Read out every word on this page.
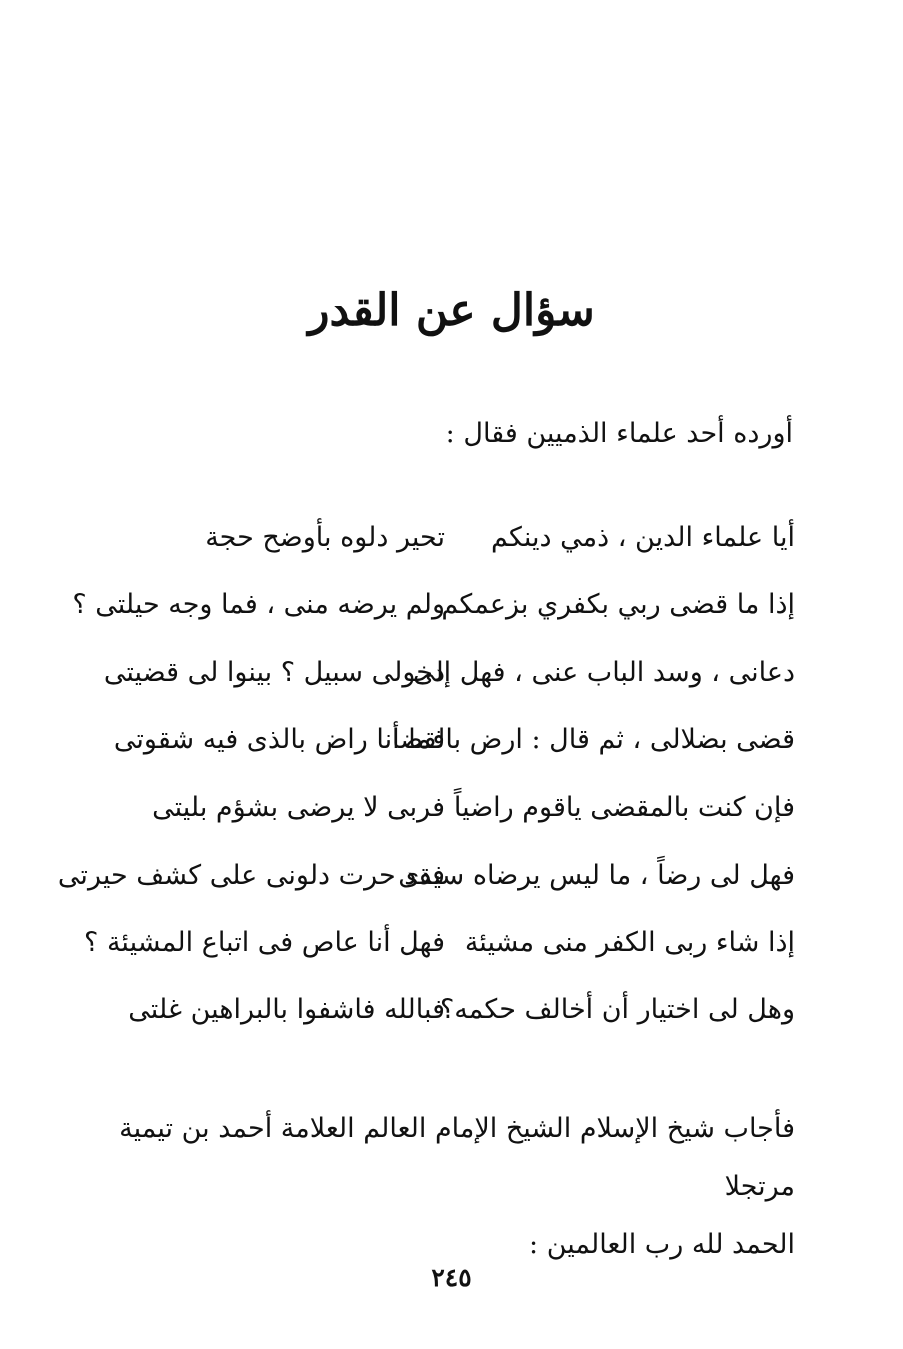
سؤال عن القدر
أورده أحد علماء الذميين فقال :
أيا علماء الدين ، ذمي دينكم
تحير دلوه بأوضح حجة
إذا ما قضى ربي بكفري بزعمكم
ولم يرضه منى ، فما وجه حيلتى ؟
دعانى ، وسد الباب عنى ، فهل إلى
دخولى سبيل ؟ بينوا لى قضيتى
قضى بضلالى ، ثم قال : ارض بالقضا
فما أنا راض بالذى فيه شقوتى
فإن كنت بالمقضى ياقوم راضياً
فربى لا يرضى بشؤم بليتى
فهل لى رضاً ، ما ليس يرضاه سيدى
فقد حرت دلونى على كشف حيرتى
إذا شاء ربى الكفر منى مشيئة
فهل أنا عاص فى اتباع المشيئة ؟
وهل لى اختيار أن أخالف حكمه؟
فبالله فاشفوا بالبراهين غلتى
فأجاب شيخ الإسلام الشيخ الإمام العالم العلامة أحمد بن تيمية مرتجلا
الحمد لله رب العالمين :
٢٤٥
